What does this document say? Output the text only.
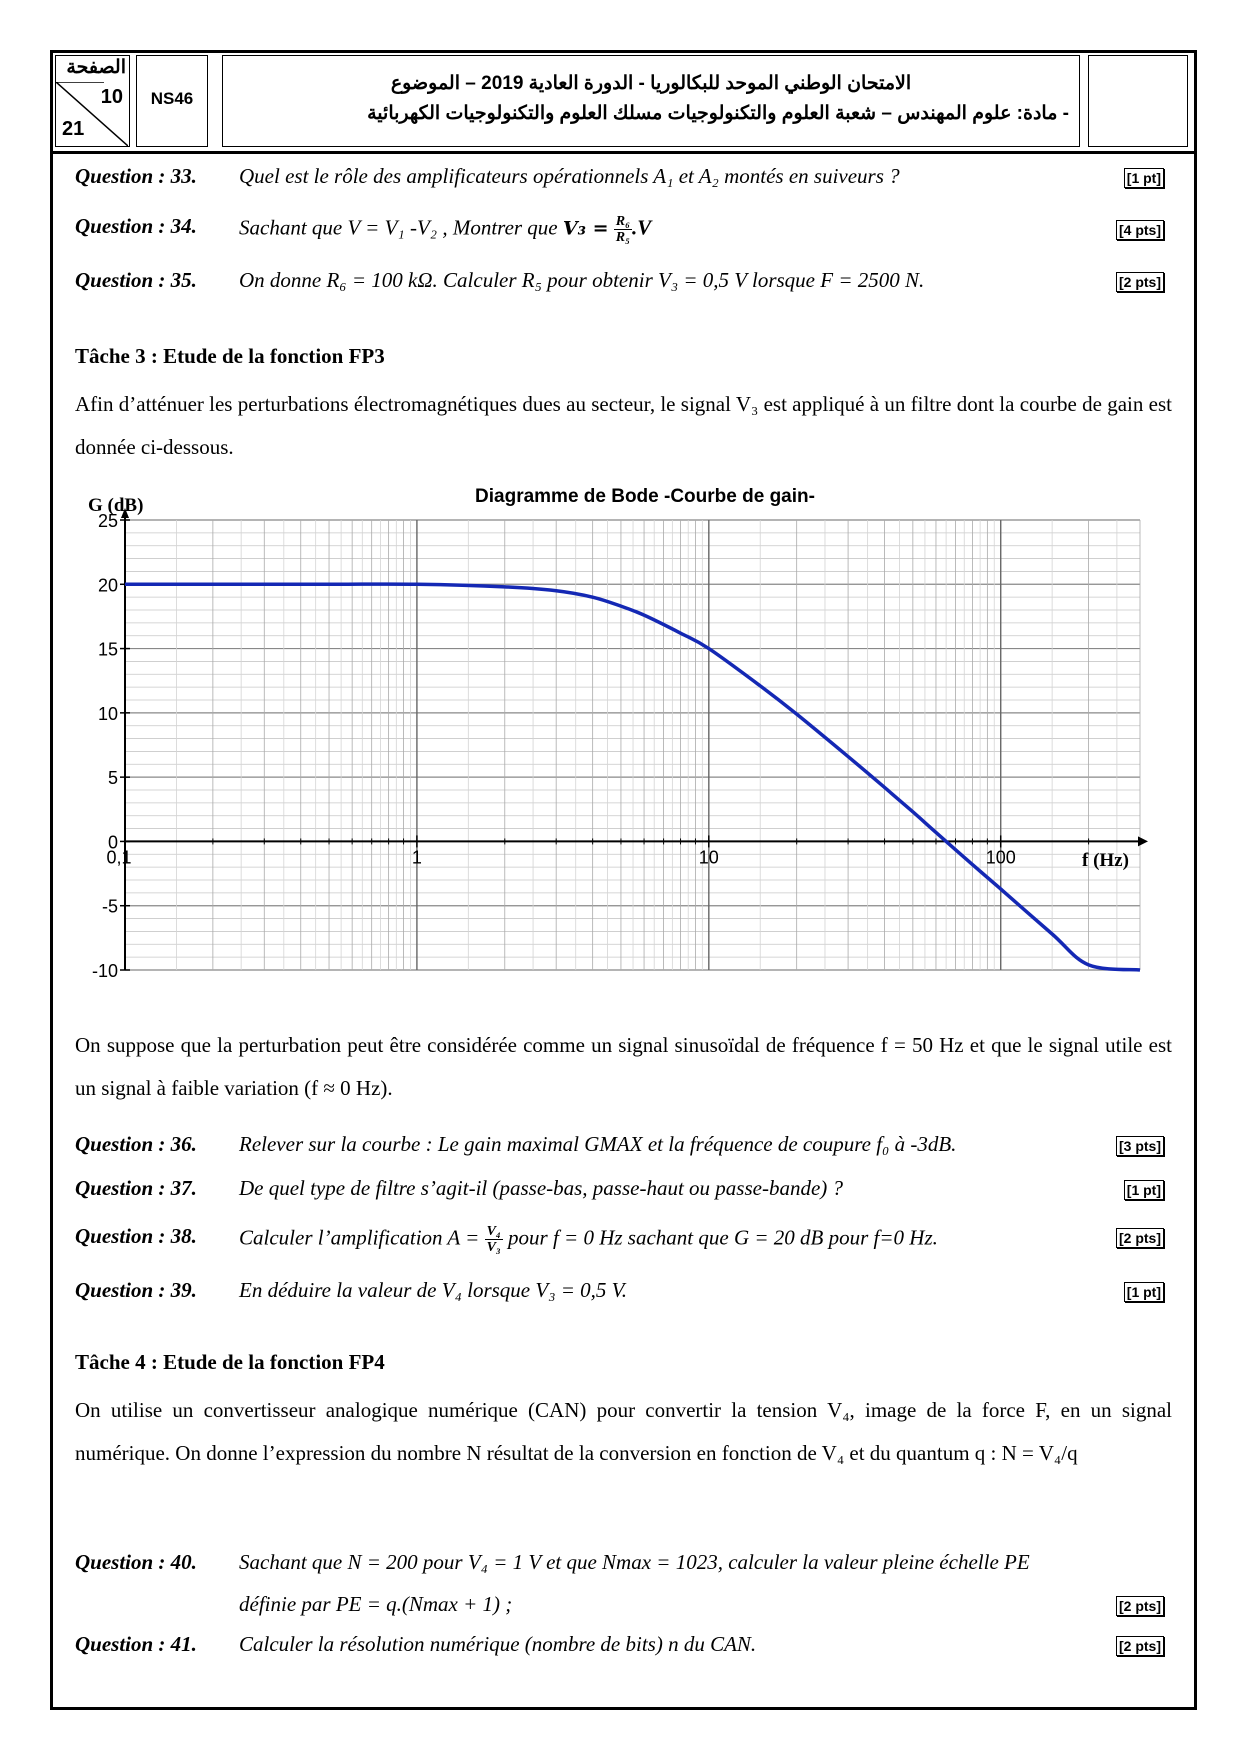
الصفحة
10
21
NS46
الامتحان الوطني الموحد للبكالوريا - الدورة العادية 2019 – الموضوع
- مادة: علوم المهندس – شعبة العلوم والتكنولوجيات مسلك العلوم والتكنولوجيات الكهربائية
Question : 33. Quel est le rôle des amplificateurs opérationnels A₁ et A₂ montés en suiveurs ?	[1 pt]
Question : 34. Sachant que V = V₁ -V₂ , Montrer que $V_3 = \frac{\text{R₆}}{\text{R₅}} .V$	[4 pts]
Question : 35. On donne R₆ = 100 kΩ. Calculer R₅ pour obtenir V₃ = 0,5 V lorsque F = 2500 N.	[2 pts]
Tâche 3 : Etude de la fonction FP3
Afin d’atténuer les perturbations électromagnétiques dues au secteur, le signal V₃ est appliqué à un filtre dont la courbe de gain est donnée ci-dessous.
25
20
15
10
5
0
-5
-10
0,1	1	10	100
Diagramme de Bode -Courbe de gain-
G (dB)
f (Hz)
On suppose que la perturbation peut être considérée comme un signal sinusoïdal de fréquence f = 50 Hz et que le signal utile est un signal à faible variation (f ≈ 0 Hz).
Question : 36. Relever sur la courbe : Le gain maximal GMAX et la fréquence de coupure f₀ à -3dB.	[3 pts]
Question : 37. De quel type de filtre s’agit-il (passe-bas, passe-haut ou passe-bande) ?	[1 pt]
Question : 38. Calculer l’amplification $A = \frac{\text{V₄}}{\text{V₃}}$ pour f = 0 Hz sachant que G = 20 dB pour f=0 Hz.	[2 pts]
Question : 39. En déduire la valeur de V₄ lorsque V₃ = 0,5 V.	[1 pt]
Tâche 4 : Etude de la fonction FP4
On utilise un convertisseur analogique numérique (CAN) pour convertir la tension V₄, image de la force F, en un signal numérique. On donne l’expression du nombre N résultat de la conversion en fonction de V₄ et du quantum q : N = V₄/q
Question : 40. Sachant que N = 200 pour V₄ = 1 V et que Nmax = 1023, calculer la valeur pleine échelle PE
définie par PE = q.(Nmax + 1) ;	[2 pts]
Question : 41. Calculer la résolution numérique (nombre de bits) n du CAN.	[2 pts]
